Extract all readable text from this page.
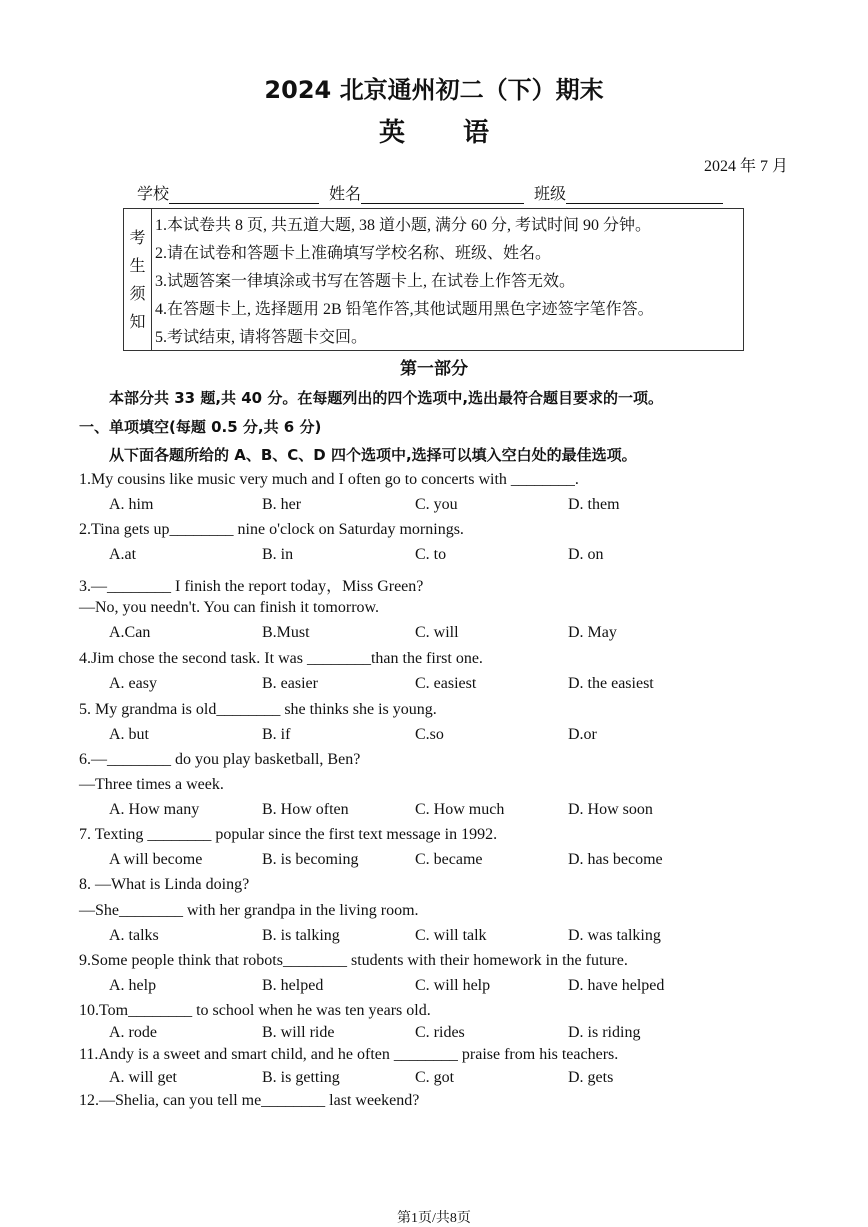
2024 北京通州初二（下）期末
英语
2024 年 7 月
学校	姓名	班级
考
生
须
知
1.本试卷共 8 页, 共五道大题, 38 道小题, 满分 60 分, 考试时间 90 分钟。
2.请在试卷和答题卡上准确填写学校名称、班级、姓名。
3.试题答案一律填涂或书写在答题卡上, 在试卷上作答无效。
4.在答题卡上, 选择题用 2B 铅笔作答,其他试题用黑色字迹签字笔作答。
5.考试结束, 请将答题卡交回。
第一部分
本部分共 33 题,共 40 分。在每题列出的四个选项中,选出最符合题目要求的一项。
一、单项填空(每题 0.5 分,共 6 分)
从下面各题所给的 A、B、C、D 四个选项中,选择可以填入空白处的最佳选项。
1.My cousins like music very much and I often go to concerts with ________.
A. him	B. her	C. you	D. them
2.Tina gets up________ nine o'clock on Saturday mornings.
A.at	B. in	C. to	D. on
3.—________ I finish the report today，Miss Green?
—No, you needn't. You can finish it tomorrow.
A.Can	B.Must	C. will	D. May
4.Jim chose the second task. It was ________than the first one.
A. easy	B. easier	C. easiest	D. the easiest
5. My grandma is old________ she thinks she is young.
A. but	B. if	C.so	D.or
6.—________ do you play basketball, Ben?
—Three times a week.
A. How many	B. How often	C. How much	D. How soon
7. Texting ________ popular since the first text message in 1992.
A will become	B. is becoming	C. became	D. has become
8. —What is Linda doing?
—She________ with her grandpa in the living room.
A. talks	B. is talking	C. will talk	D. was talking
9.Some people think that robots________ students with their homework in the future.
A. help	B. helped	C. will help	D. have helped
10.Tom________ to school when he was ten years old.
A. rode	B. will ride	C. rides	D. is riding
11.Andy is a sweet and smart child, and he often ________ praise from his teachers.
A. will get	B. is getting	C. got	D. gets
12.—Shelia, can you tell me________ last weekend?
第1页/共8页
